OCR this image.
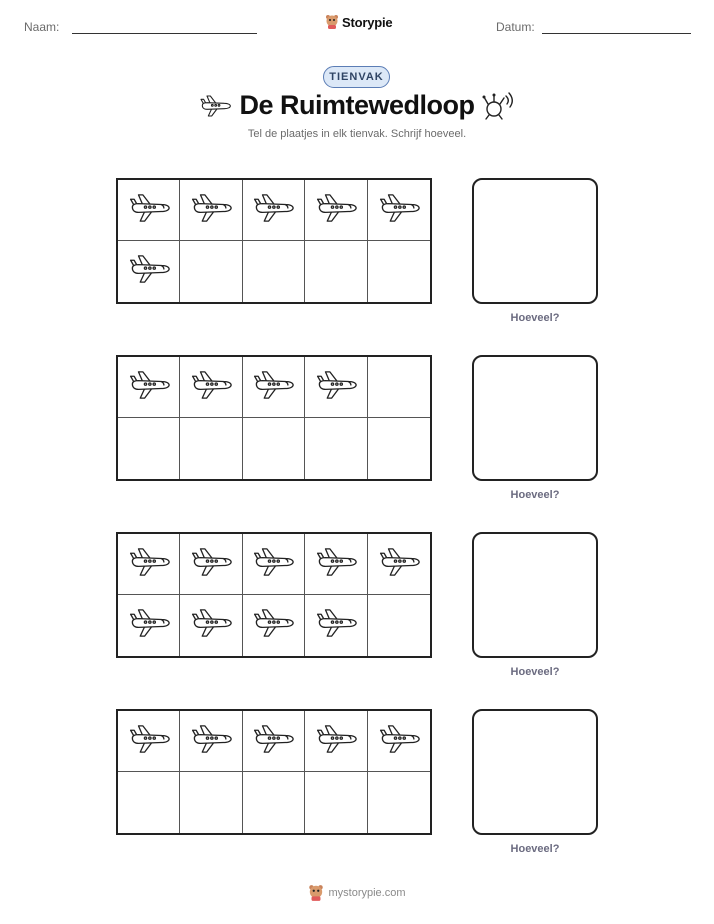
Naam:	Storypie	Datum:
TIENVAK
De Ruimtewedloop
Tel de plaatjes in elk tienvak. Schrijf hoeveel.
Hoeveel?
Hoeveel?
Hoeveel?
Hoeveel?
mystorypie.com
